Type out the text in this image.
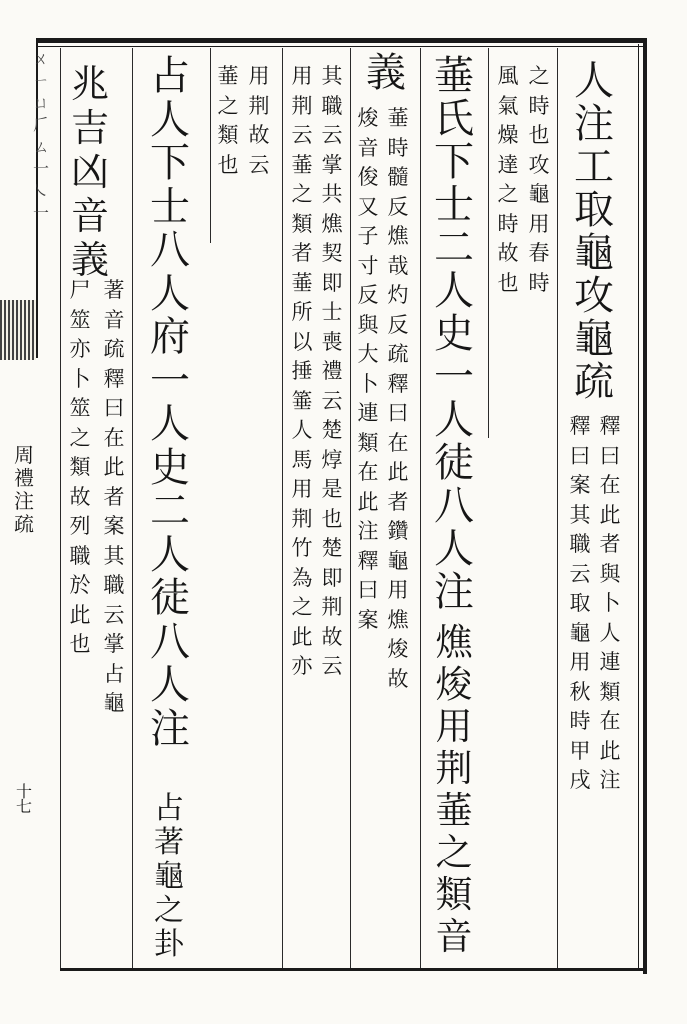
ㄨㄧㄩ𠂆ㄙ一㇏㆒
周禮注疏
十七
人注工取龜攻龜疏
釋曰在此者與卜人連類在此注
釋曰案其職云取龜用秋時甲戌
之時也攻龜用春時
風氣燥達之時故也
菙氏下士二人史一人徒八人注
燋焌用荆菙之類音
義
菙時髓反燋哉灼反疏釋曰在此者鑽龜用燋焌故
焌音俊又子寸反與大卜連類在此注釋曰案
其職云掌共燋契即士喪禮云楚焞是也楚即荆故云
用荆云菙之類者菙所以捶箠人馬用荆竹為之此亦
用荆故云
菙之類也
占人下士八人府一人史二人徒八人注
占著龜之卦
兆吉凶音義
著音疏釋曰在此者案其職云掌占龜
尸筮亦卜筮之類故列職於此也
